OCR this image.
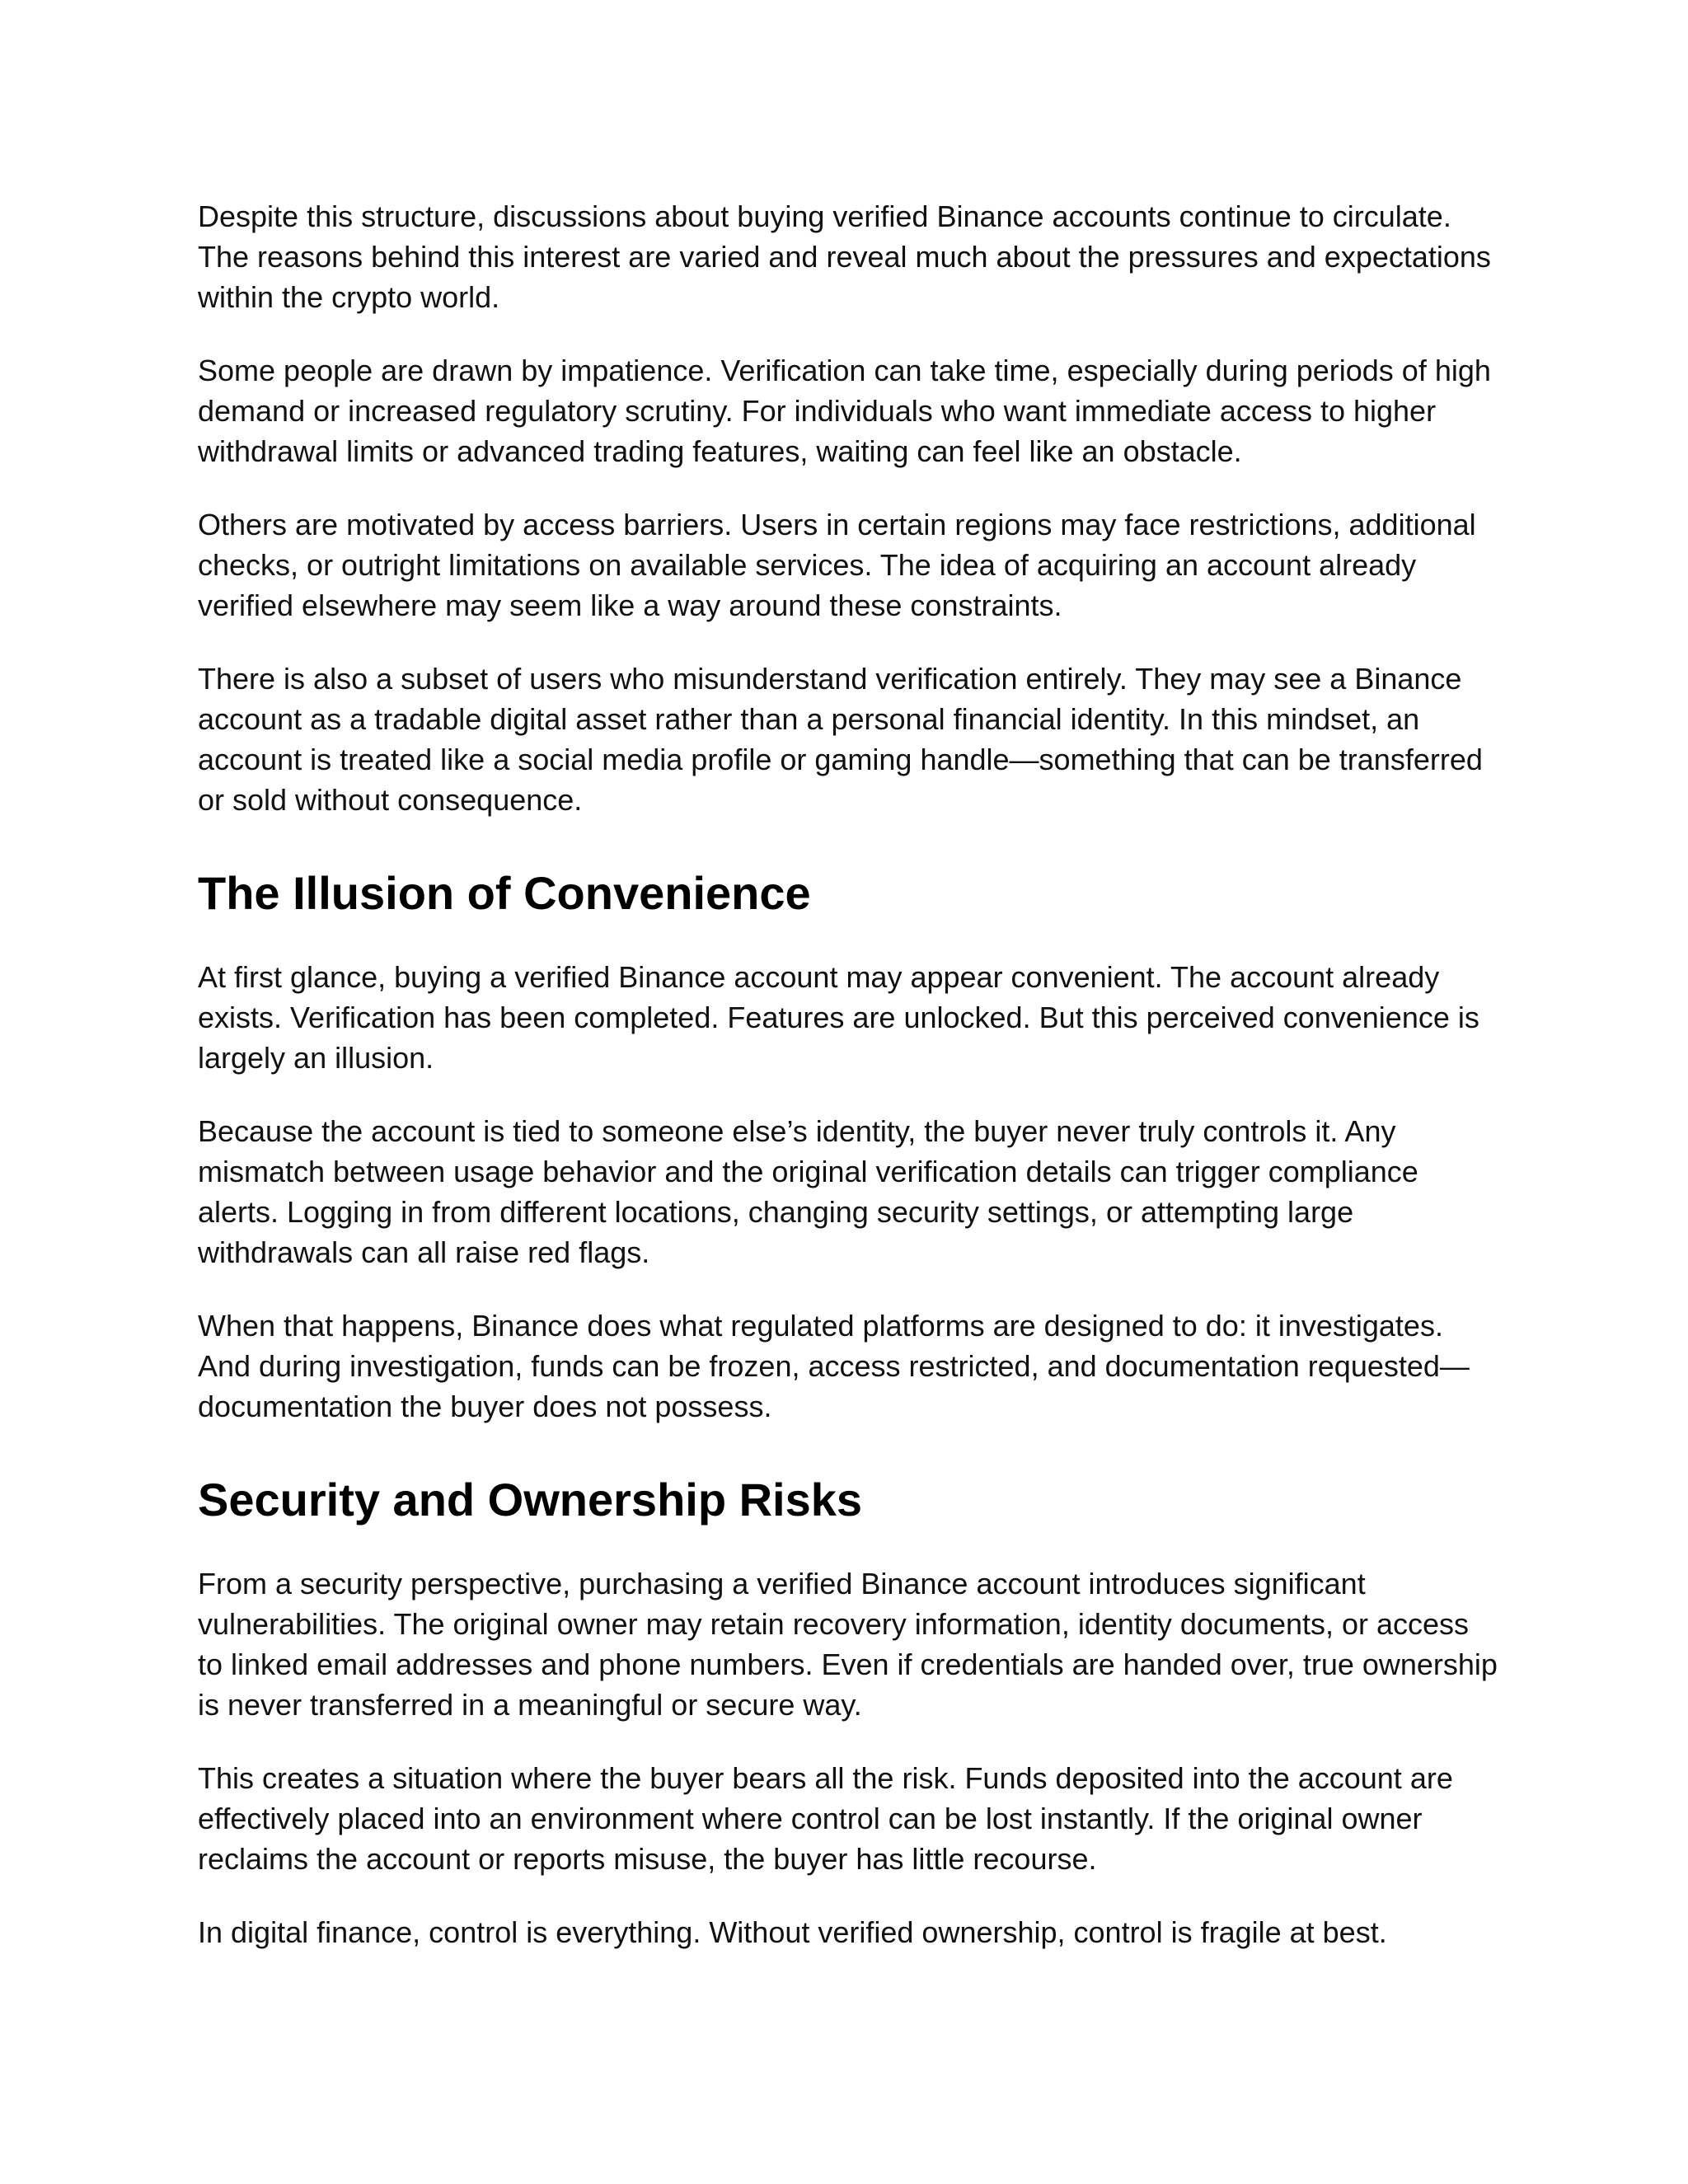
Despite this structure, discussions about buying verified Binance accounts continue to circulate. The reasons behind this interest are varied and reveal much about the pressures and expectations within the crypto world.

Some people are drawn by impatience. Verification can take time, especially during periods of high demand or increased regulatory scrutiny. For individuals who want immediate access to higher withdrawal limits or advanced trading features, waiting can feel like an obstacle.

Others are motivated by access barriers. Users in certain regions may face restrictions, additional checks, or outright limitations on available services. The idea of acquiring an account already verified elsewhere may seem like a way around these constraints.

There is also a subset of users who misunderstand verification entirely. They may see a Binance account as a tradable digital asset rather than a personal financial identity. In this mindset, an account is treated like a social media profile or gaming handle—something that can be transferred or sold without consequence.

The Illusion of Convenience

At first glance, buying a verified Binance account may appear convenient. The account already exists. Verification has been completed. Features are unlocked. But this perceived convenience is largely an illusion.

Because the account is tied to someone else’s identity, the buyer never truly controls it. Any mismatch between usage behavior and the original verification details can trigger compliance alerts. Logging in from different locations, changing security settings, or attempting large withdrawals can all raise red flags.

When that happens, Binance does what regulated platforms are designed to do: it investigates. And during investigation, funds can be frozen, access restricted, and documentation requested—documentation the buyer does not possess.

Security and Ownership Risks

From a security perspective, purchasing a verified Binance account introduces significant vulnerabilities. The original owner may retain recovery information, identity documents, or access to linked email addresses and phone numbers. Even if credentials are handed over, true ownership is never transferred in a meaningful or secure way.

This creates a situation where the buyer bears all the risk. Funds deposited into the account are effectively placed into an environment where control can be lost instantly. If the original owner reclaims the account or reports misuse, the buyer has little recourse.

In digital finance, control is everything. Without verified ownership, control is fragile at best.
